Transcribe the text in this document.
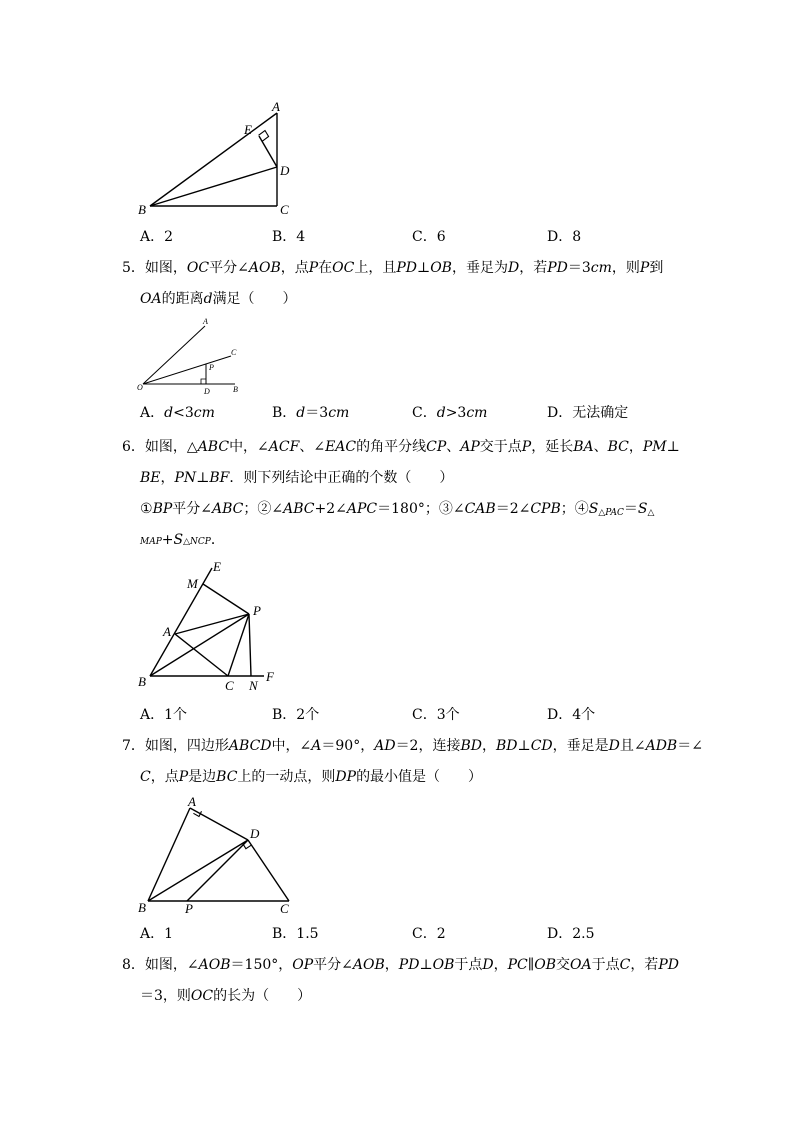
A
E
D
B	C
A．2	B．4	C．6	D．8
5．如图，OC平分∠AOB，点P在OC上，且PD⊥OB，垂足为D，若PD＝3cm，则P到
OA的距离d满足（　　）
A
C
P
O	D	B
A．d<3cm	B．d＝3cm	C．d>3cm	D．无法确定
6．如图，△ABC中，∠ACF、∠EAC的角平分线CP、AP交于点P，延长BA、BC，PM⊥
BE，PN⊥BF．则下列结论中正确的个数（　　）
①BP平分∠ABC；②∠ABC+2∠APC＝180°；③∠CAB＝2∠CPB；$④S_{\triangle PAC}=S_\triangle$
MAP+S△NCP．
E
M
P
A
B	C N
F
A．1个	B．2个	C．3个	D．4个
7．如图，四边形ABCD中，∠A＝90°，AD＝2，连接BD，BD⊥CD，垂足是D且∠ADB＝∠
C，点P是边BC上的一动点，则DP的最小值是（　　）
A
D
B	P	C
A．1	B．1.5	C．2	D．2.5
8．如图，∠AOB＝150°，OP平分∠AOB，PD⊥OB于点D，PC∥OB交OA于点C，若PD
＝3，则OC的长为（　　）
